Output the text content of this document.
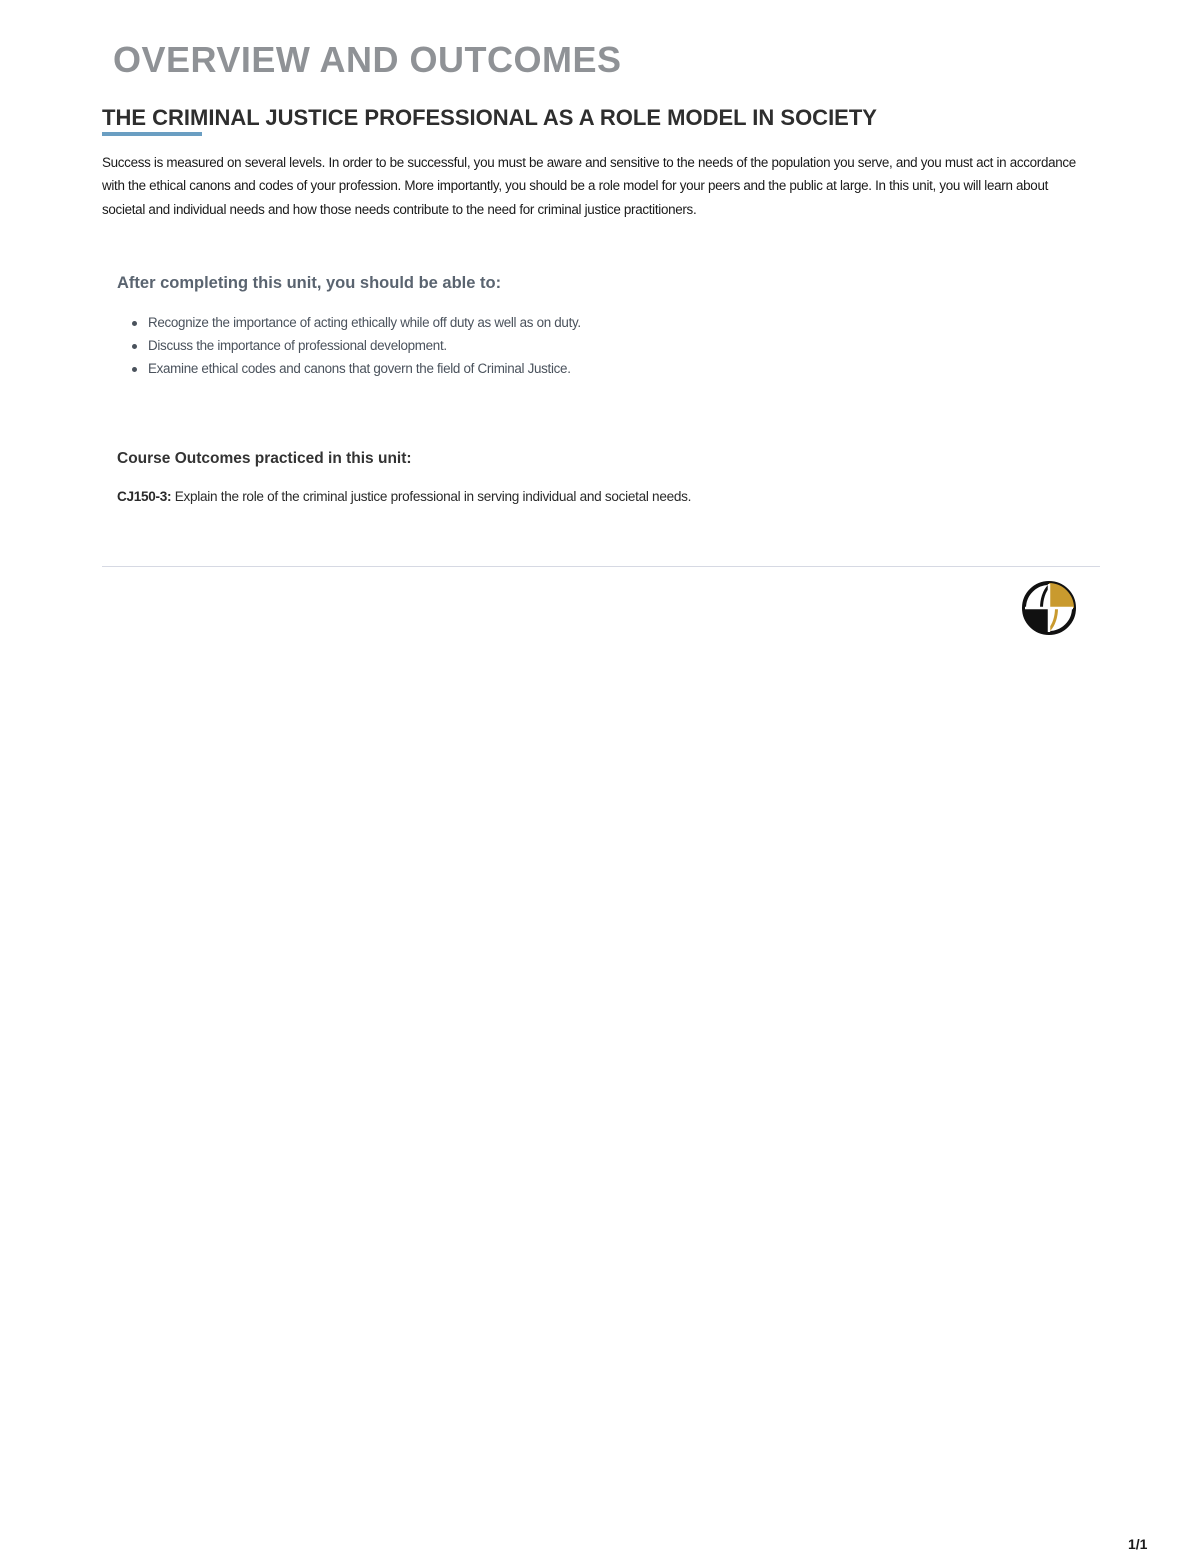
OVERVIEW AND OUTCOMES
THE CRIMINAL JUSTICE PROFESSIONAL AS A ROLE MODEL IN SOCIETY

Success is measured on several levels. In order to be successful, you must be aware and sensitive to the needs of the population you serve, and you must act in accordance with the ethical canons and codes of your profession. More importantly, you should be a role model for your peers and the public at large. In this unit, you will learn about societal and individual needs and how those needs contribute to the need for criminal justice practitioners.

After completing this unit, you should be able to:
Recognize the importance of acting ethically while off duty as well as on duty.
Discuss the importance of professional development.
Examine ethical codes and canons that govern the field of Criminal Justice.
Course Outcomes practiced in this unit:

CJ150-3: Explain the role of the criminal justice professional in serving individual and societal needs.

1/1
